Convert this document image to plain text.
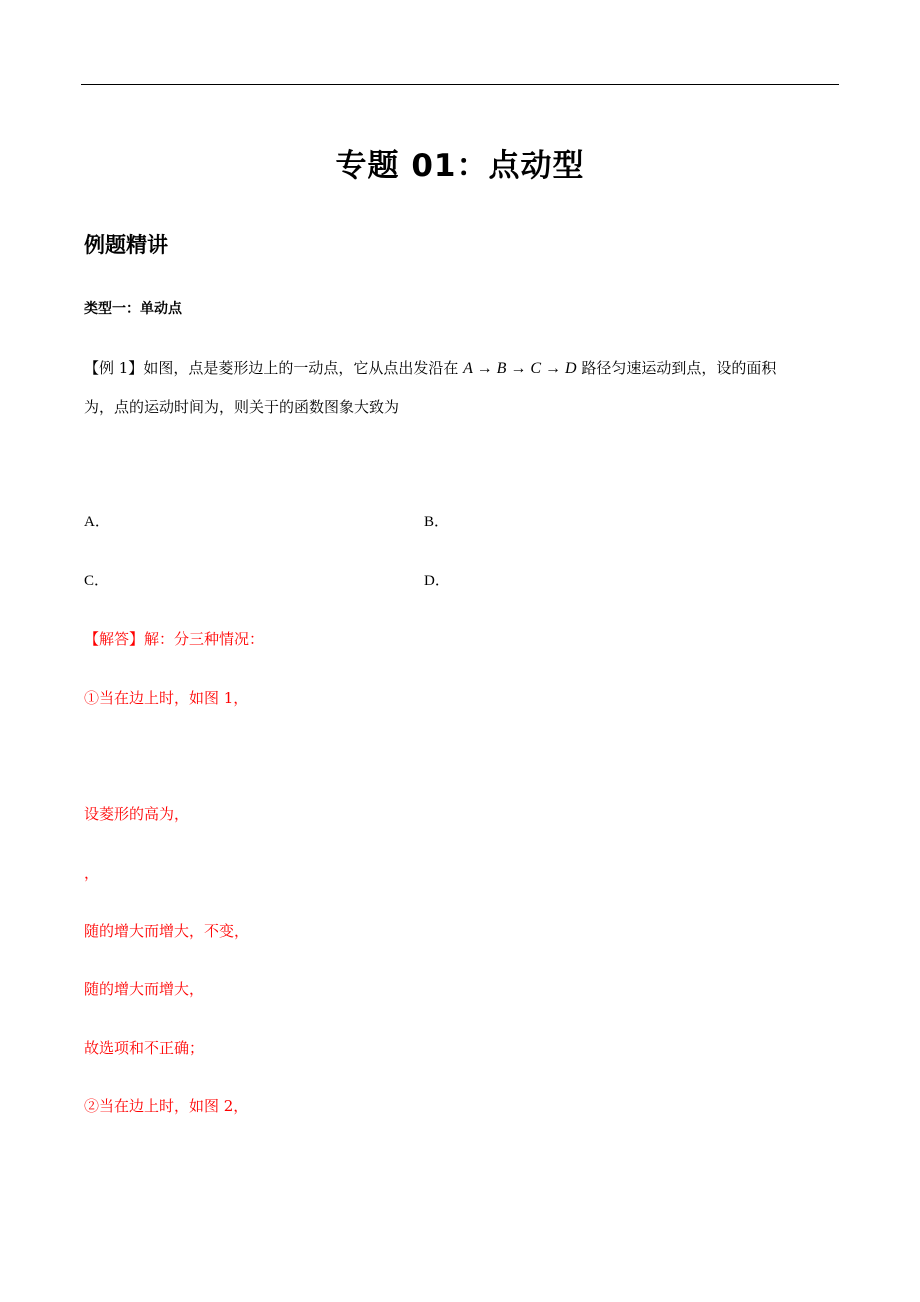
专题 01：点动型
例题精讲
类型一：单动点
【例 1】如图，点是菱形边上的一动点，它从点出发沿在 A → B → C → D 路径匀速运动到点，设的面积
为，点的运动时间为，则关于的函数图象大致为
A．	B．
C．	D．
【解答】解：分三种情况：
①当在边上时，如图 1，
设菱形的高为，
，
随的增大而增大，不变，
随的增大而增大，
故选项和不正确；
②当在边上时，如图 2，
